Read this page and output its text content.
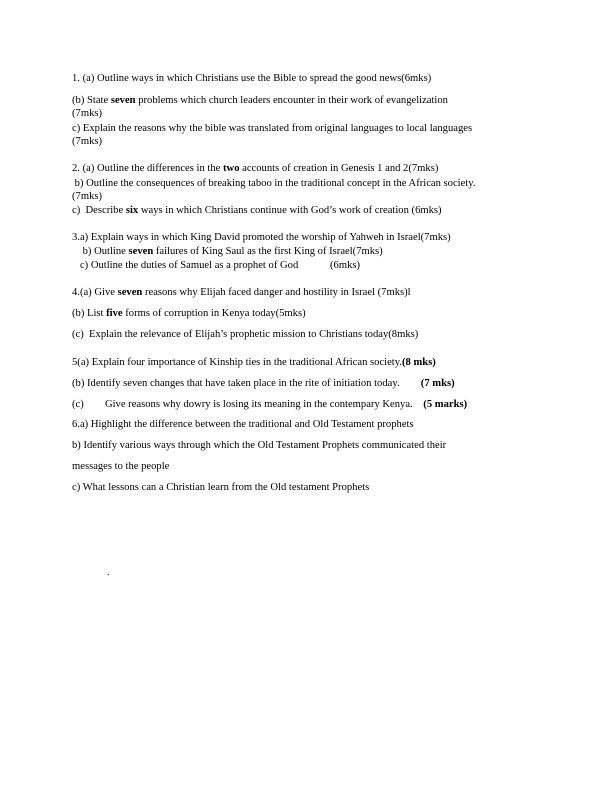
1. (a) Outline ways in which Christians use the Bible to spread the good news(6mks)
(b) State seven problems which church leaders encounter in their work of evangelization
(7mks)
c) Explain the reasons why the bible was translated from original languages to local languages
(7mks)
2. (a) Outline the differences in the two accounts of creation in Genesis 1 and 2(7mks)
b) Outline the consequences of breaking taboo in the traditional concept in the African society.
(7mks)
c)  Describe six ways in which Christians continue with God’s work of creation (6mks)
3.a) Explain ways in which King David promoted the worship of Yahweh in Israel(7mks)
b) Outline seven failures of King Saul as the first King of Israel(7mks)
c) Outline the duties of Samuel as a prophet of God            (6mks)
4.(a) Give seven reasons why Elijah faced danger and hostility in Israel (7mks)l
(b) List five forms of corruption in Kenya today(5mks)
(c)  Explain the relevance of Elijah’s prophetic mission to Christians today(8mks)
5(a) Explain four importance of Kinship ties in the traditional African society.(8 mks)
(b) Identify seven changes that have taken place in the rite of initiation today.        (7 mks)
(c)        Give reasons why dowry is losing its meaning in the contempary Kenya.    (5 marks)
6.a) Highlight the difference between the traditional and Old Testament prophets
b) Identify various ways through which the Old Testament Prophets communicated their
messages to the people
c) What lessons can a Christian learn from the Old testament Prophets
.
